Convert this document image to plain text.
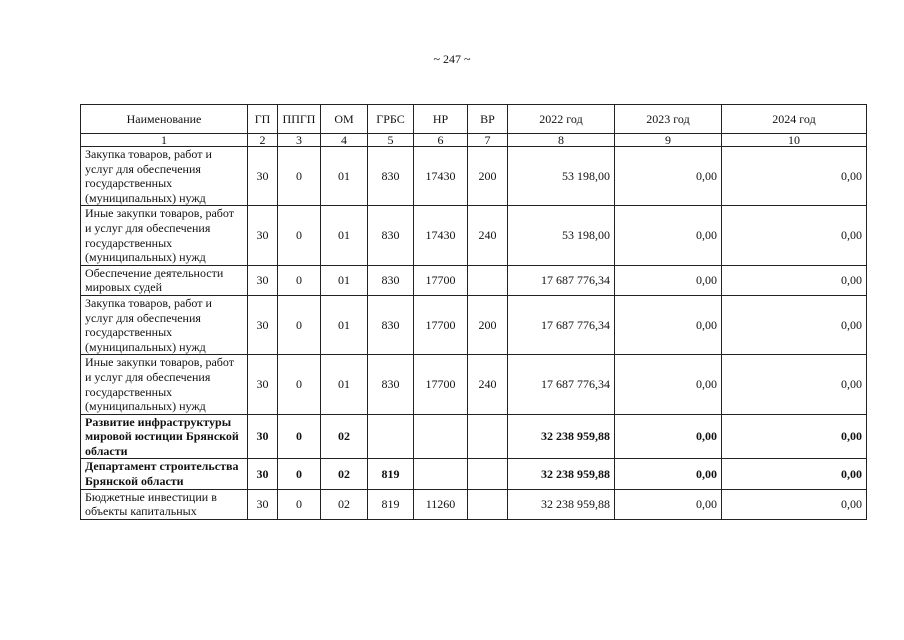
~ 247 ~
Наименование	ГП	ППГП	ОМ	ГРБС	НР	ВР	2022 год	2023 год	2024 год
1	2	3	4	5	6	7	8	9	10
Закупка товаров, работ и услуг для обеспечения государственных (муниципальных) нужд	30	0	01	830	17430	200	53 198,00	0,00	0,00
Иные закупки товаров, работ и услуг для обеспечения государственных (муниципальных) нужд	30	0	01	830	17430	240	53 198,00	0,00	0,00
Обеспечение деятельности мировых судей	30	0	01	830	17700		17 687 776,34	0,00	0,00
Закупка товаров, работ и услуг для обеспечения государственных (муниципальных) нужд	30	0	01	830	17700	200	17 687 776,34	0,00	0,00
Иные закупки товаров, работ и услуг для обеспечения государственных (муниципальных) нужд	30	0	01	830	17700	240	17 687 776,34	0,00	0,00
Развитие инфраструктуры мировой юстиции Брянской области	30	0	02				32 238 959,88	0,00	0,00
Департамент строительства Брянской области	30	0	02	819			32 238 959,88	0,00	0,00
Бюджетные инвестиции в объекты капитальных	30	0	02	819	11260		32 238 959,88	0,00	0,00
